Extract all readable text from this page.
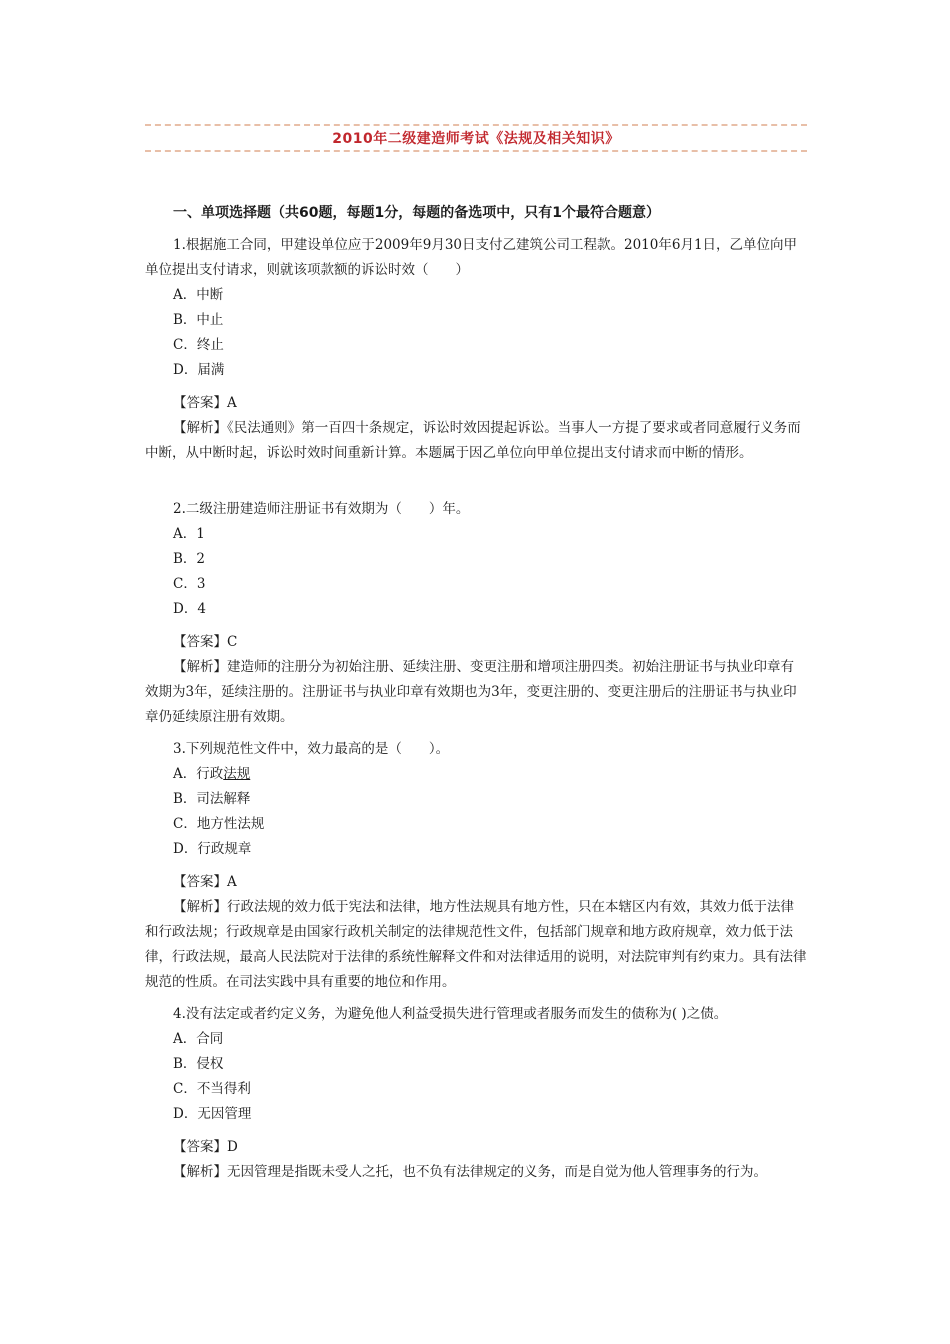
2010年二级建造师考试《法规及相关知识》
一、单项选择题（共60题，每题1分，每题的备选项中，只有1个最符合题意）

1.根据施工合同，甲建设单位应于2009年9月30日支付乙建筑公司工程款。2010年6月1日，乙单位向甲单位提出支付请求，则就该项款额的诉讼时效（　　）

A．中断

B．中止

C．终止

D．届满

【答案】A

【解析】《民法通则》第一百四十条规定，诉讼时效因提起诉讼。当事人一方提了要求或者同意履行义务而中断，从中断时起，诉讼时效时间重新计算。本题属于因乙单位向甲单位提出支付请求而中断的情形。

2.二级注册建造师注册证书有效期为（　　）年。

A．1

B．2

C．3

D．4

【答案】C

【解析】建造师的注册分为初始注册、延续注册、变更注册和增项注册四类。初始注册证书与执业印章有效期为3年，延续注册的。注册证书与执业印章有效期也为3年，变更注册的、变更注册后的注册证书与执业印章仍延续原注册有效期。

3.下列规范性文件中，效力最高的是（　　）。

A．行政法规

B．司法解释

C．地方性法规

D．行政规章

【答案】A

【解析】行政法规的效力低于宪法和法律，地方性法规具有地方性，只在本辖区内有效，其效力低于法律和行政法规；行政规章是由国家行政机关制定的法律规范性文件，包括部门规章和地方政府规章，效力低于法律，行政法规，最高人民法院对于法律的系统性解释文件和对法律适用的说明，对法院审判有约束力。具有法律规范的性质。在司法实践中具有重要的地位和作用。

4.没有法定或者约定义务，为避免他人利益受损失进行管理或者服务而发生的债称为( )之债。

A．合同

B．侵权

C．不当得利

D．无因管理

【答案】D

【解析】无因管理是指既未受人之托，也不负有法律规定的义务，而是自觉为他人管理事务的行为。
